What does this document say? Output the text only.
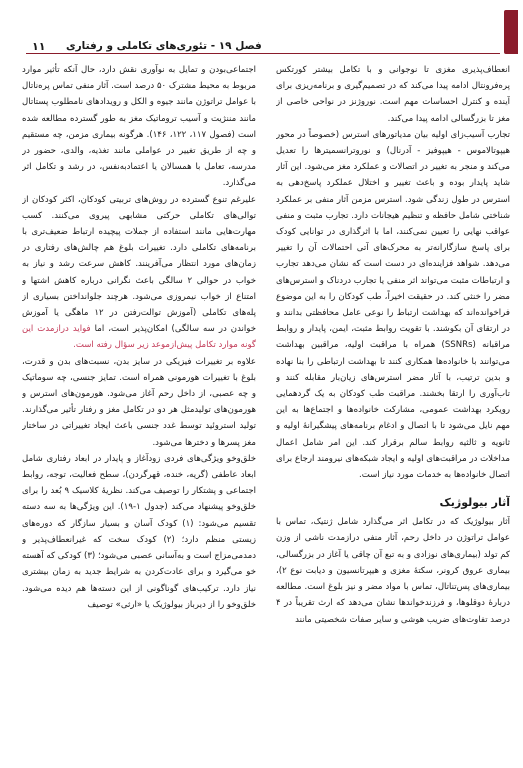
فصل ۱۹ - تئوری‌های تکاملی و رفتاری
۱۱

انعطاف‌پذیری مغزی تا نوجوانی و با تکامل بیشتر کورتکس پره‌فرونتال ادامه پیدا می‌کند که در تصمیم‌گیری و برنامه‌ریزی برای آینده و کنترل احساسات مهم است. نوروژنز در نواحی خاصی از مغز تا بزرگسالی ادامه پیدا می‌کند.

تجارب آسیب‌زای اولیه بیان مدیاتورهای استرس (خصوصاً در محور هیپوتالاموس - هیپوفیز - آدرنال) و نوروترانسمیترها را تعدیل می‌کند و منجر به تغییر در اتصالات و عملکرد مغز می‌شود. این آثار شاید پایدار بوده و باعث تغییر و اختلال عملکرد پاسخ‌دهی به استرس در طول زندگی شود. استرس مزمن آثار منفی بر عملکرد شناختی شامل حافظه و تنظیم هیجانات دارد. تجارب مثبت و منفی عواقب نهایی را تعیین نمی‌کنند، اما با اثرگذاری در توانایی کودک برای پاسخ سازگارانه‌تر به محرک‌های آتی احتمالات آن را تغییر می‌دهد. شواهد فزاینده‌ای در دست است که نشان می‌دهد تجارب و ارتباطات مثبت می‌تواند اثر منفی یا تجارب دردناک و استرس‌های مضر را خنثی کند. در حقیقت اخیراً، طب کودکان را به این موضوع فراخوانده‌اند که بهداشت ارتباط را نوعی عامل محافظتی بدانند و در ارتقای آن بکوشند. با تقویت روابط مثبت، ایمن، پایدار و روابط مراقبانه (SSNRs) همراه با مراقبت اولیه، مراقبین بهداشت می‌توانند با خانواده‌ها همکاری کنند تا بهداشت ارتباطی را بنا نهاده و بدین ترتیب، با آثار مضر استرس‌های زیان‌بار مقابله کنند و تاب‌آوری را ارتقا بخشند. مراقبت طب کودکان به یک گردهمایی رویکرد بهداشت عمومی، مشارکت خانواده‌ها و اجتماع‌ها به این مهم نایل می‌شود تا با اتصال و ادغام برنامه‌های پیشگیرانهٔ اولیه و ثانویه و ثالثیه روابط سالم برقرار کند. این امر شامل اعمال مداخلات در مراقبت‌های اولیه و ایجاد شبکه‌های نیرومند ارجاع برای اتصال خانواده‌ها به خدمات مورد نیاز است.

آثار بیولوژیک

آثار بیولوژیک که در تکامل اثر می‌گذارد شامل ژنتیک، تماس با عوامل تراتوژن در داخل رحم، آثار منفی درازمدت ناشی از وزن کم تولد (بیماری‌های نوزادی و به تبع آن چاقی یا آغاز در بزرگسالی، بیماری عروق کرونر، سکتهٔ مغزی و هیپرتانسیون و دیابت نوع ۲)، بیماری‌های پس‌تناتال، تماس با مواد مضر و نیز بلوغ است. مطالعه دربارهٔ دوقلوها، و فرزندخواندها نشان می‌دهد که ارث تقریباً در ۴ درصد تفاوت‌های ضریب هوشی و سایر صفات شخصیتی مانند

اجتماعی‌بودن و تمایل به نوآوری نقش دارد، حال آنکه تأثیر موارد مربوط به محیط مشترک ۵۰ درصد است. آثار منفی تماس پره‌ناتال با عوامل تراتوژن مانند جیوه و الکل و رویدادهای نامطلوب پستاتال مانند مننژیت و آسیب تروماتیک مغز به طور گسترده مطالعه شده است (فصول ۱۱۷، ۱۲۲، ۱۴۶). هرگونه بیماری مزمن، چه مستقیم و چه از طریق تغییر در عواملی مانند تغذیه، والدی، حضور در مدرسه، تعامل با همسالان یا اعتمادبه‌نفس، در رشد و تکامل اثر می‌گذارد.

علیرغم تنوع گسترده در روش‌های تربیتی کودکان، اکثر کودکان از توالی‌های تکاملی حرکتی مشابهی پیروی می‌کنند. کسب مهارت‌هایی مانند استفاده از جملات پیچیده ارتباط ضعیف‌تری با برنامه‌های تکاملی دارد. تغییرات بلوغ هم چالش‌های رفتاری در زمان‌های مورد انتظار می‌آفرینند. کاهش سرعت رشد و نیاز به خواب در حوالی ۲ سالگی باعث نگرانی درباره کاهش اشتها و امتناع از خواب نیمروزی می‌شود. هرچند جلوانداختن بسیاری از پله‌های تکاملی (آموزش توالت‌رفتن در ۱۲ ماهگی یا آموزش خواندن در سه سالگی) امکان‌پذیر است، اما فواید درازمدت این گونه موارد تکامل پیش‌ازموعد زیر سؤال رفته است.

علاوه بر تغییرات فیزیکی در سایز بدن، نسبت‌های بدن و قدرت، بلوغ با تغییرات هورمونی همراه است. تمایز جنسی، چه سوماتیک و چه عصبی، از داخل رحم آغاز می‌شود. هورمون‌های استرس و هورمون‌های تولیدمثل هر دو در تکامل مغز و رفتار تأثیر می‌گذارند. تولید استروئید توسط غدد جنسی باعث ایجاد تغییراتی در ساختار مغز پسرها و دخترها می‌شود.

خلق‌وخو ویژگی‌های فردی زودآغاز و پایدار در ابعاد رفتاری شامل ابعاد عاطفی (گریه، خنده، قهرگردن)، سطح فعالیت، توجه، روابط اجتماعی و پشتکار را توصیف می‌کند. نظریهٔ کلاسیک ۹ بُعد را برای خلق‌وخو پیشنهاد می‌کند (جدول ۱-۱۹). این ویژگی‌ها به سه دسته تقسیم می‌شود: (۱) کودک آسان و بسیار سازگار که دوره‌های زیستی منظم دارد؛ (۲) کودک سخت که غیرانعطاف‌پذیر و دمدمی‌مزاج است و به‌آسانی عصبی می‌شود؛ (۳) کودکی که آهسته خو می‌گیرد و برای عادت‌کردن به شرایط جدید به زمان بیشتری نیاز دارد. ترکیب‌های گوناگونی از این دسته‌ها هم دیده می‌شود. خلق‌وخو را از دیرباز بیولوژیک یا «ارثی» توصیف
